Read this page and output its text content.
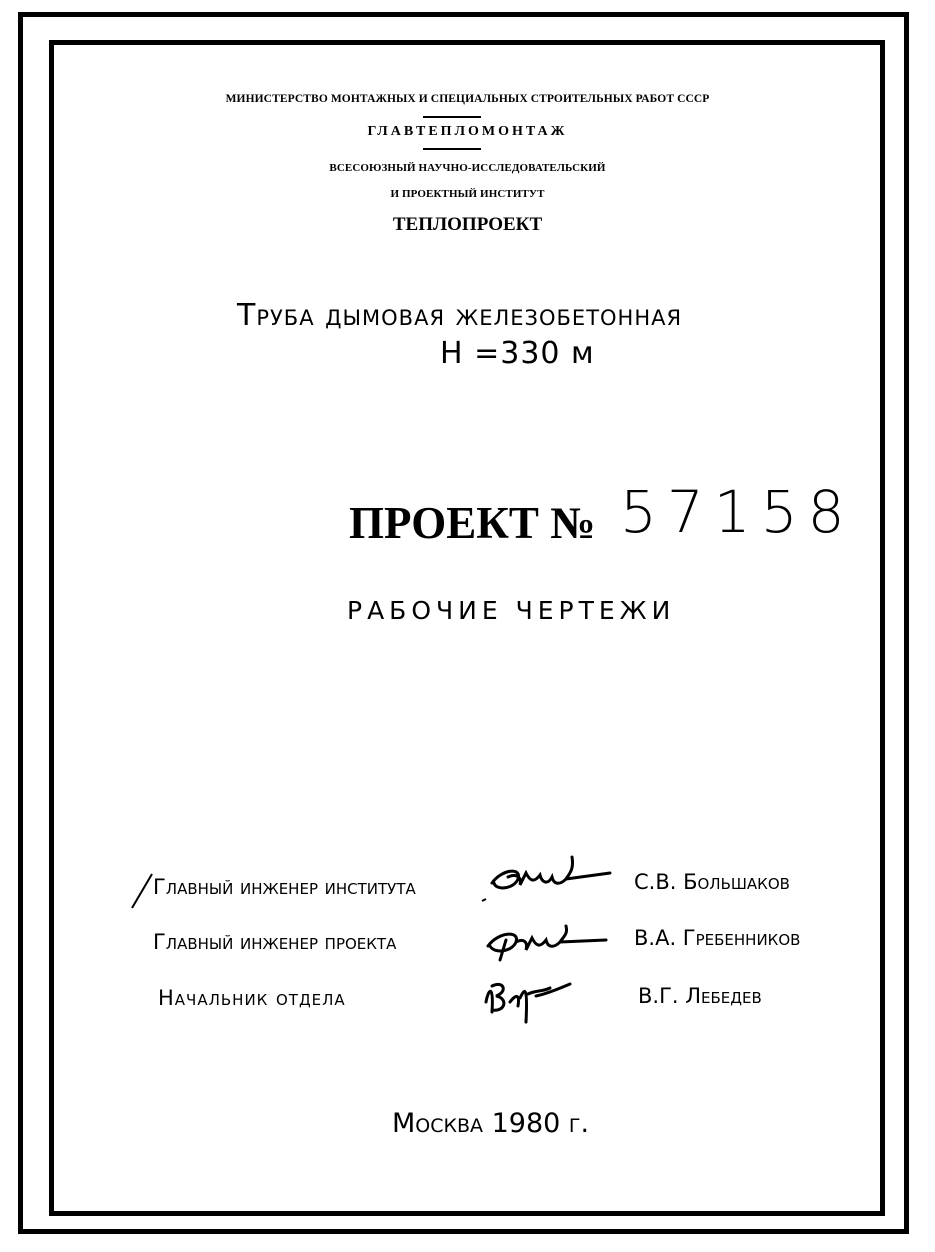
МИНИСТЕРСТВО МОНТАЖНЫХ И СПЕЦИАЛЬНЫХ СТРОИТЕЛЬНЫХ РАБОТ СССР
ГЛАВТЕПЛОМОНТАЖ
ВСЕСОЮЗНЫЙ НАУЧНО-ИССЛЕДОВАТЕЛЬСКИЙ
И ПРОЕКТНЫЙ ИНСТИТУТ
ТЕПЛОПРОЕКТ
Труба дымовая железобетонная
Н =330 м
ПРОЕКТ № 57158
РАБОЧИЕ ЧЕРТЕЖИ
Главный инженер института	С.В. Большаков
Главный инженер проекта	В.А. Гребенников
Начальник отдела	В.Г. Лебедев
Москва 1980 г.
